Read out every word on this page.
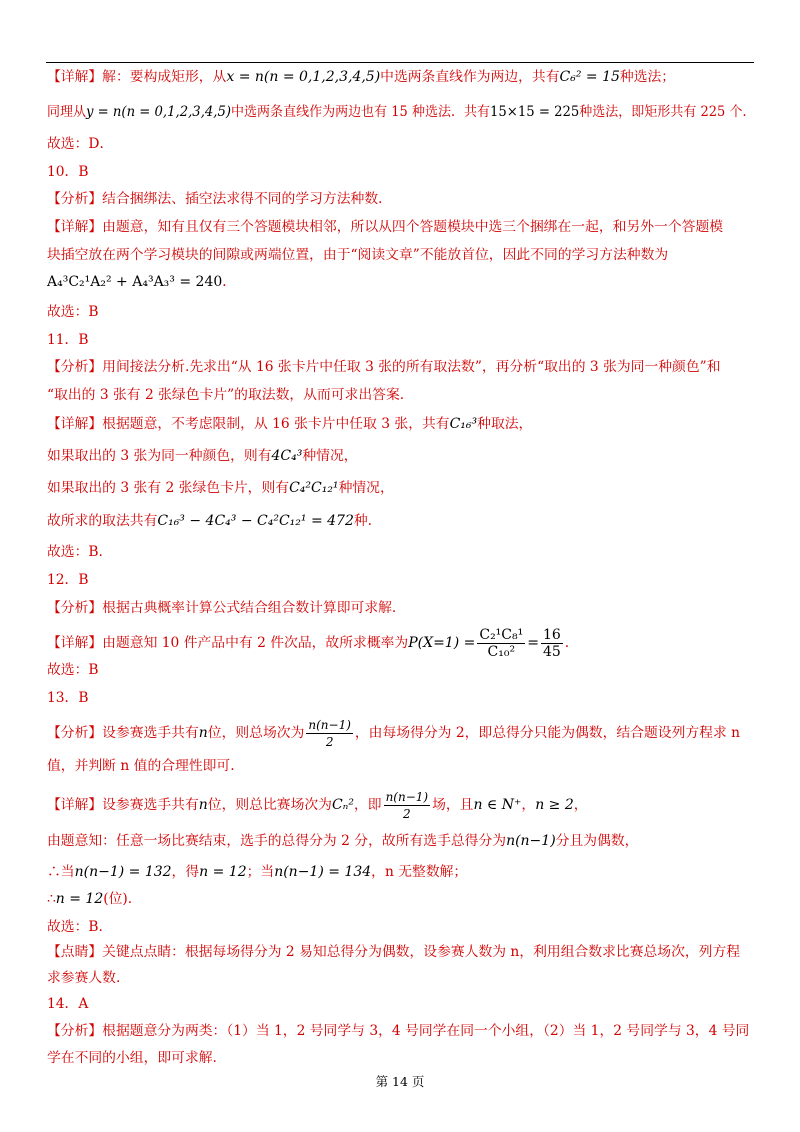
【详解】解：要构成矩形，从x = n(n = 0,1,2,3,4,5)中选两条直线作为两边，共有C₆² = 15种选法；
同理从y = n(n = 0,1,2,3,4,5)中选两条直线作为两边也有 15 种选法．共有15×15 = 225种选法，即矩形共有 225 个．
故选：D．
10．B
【分析】结合捆绑法、插空法求得不同的学习方法种数．
【详解】由题意，知有且仅有三个答题模块相邻，所以从四个答题模块中选三个捆绑在一起，和另外一个答题模
块插空放在两个学习模块的间隙或两端位置，由于“阅读文章”不能放首位，因此不同的学习方法种数为
A₄³C₂¹A₂² + A₄³A₃³ = 240．
故选：B
11．B
【分析】用间接法分析.先求出“从 16 张卡片中任取 3 张的所有取法数”，再分析“取出的 3 张为同一种颜色”和
“取出的 3 张有 2 张绿色卡片”的取法数，从而可求出答案.
【详解】根据题意，不考虑限制，从 16 张卡片中任取 3 张，共有C₁₆³种取法，
如果取出的 3 张为同一种颜色，则有4C₄³种情况，
如果取出的 3 张有 2 张绿色卡片，则有C₄²C₁₂¹种情况，
故所求的取法共有C₁₆³ − 4C₄³ − C₄²C₁₂¹ = 472种.
故选：B.
12．B
【分析】根据古典概率计算公式结合组合数计算即可求解.
【详解】由题意知 10 件产品中有 2 件次品，故所求概率为$P(X=1) = \frac{\text{C₂¹C₈¹}}{\text{C₁₀²}} = \frac{16}{45}$ .
故选：B
13．B
【分析】设参赛选手共有n位，则总场次为 $\frac{n(n-1)}{2}$ ，由每场得分为 2，即总得分只能为偶数，结合题设列方程求 n
值，并判断 n 值的合理性即可.
【详解】设参赛选手共有n位，则总比赛场次为Cₙ²，即 $\frac{n(n-1)}{2}$ 场，且n ∈ N⁺，n ≥ 2，
由题意知：任意一场比赛结束，选手的总得分为 2 分，故所有选手总得分为n(n−1)分且为偶数，
∴当n(n−1) = 132，得n = 12；当n(n−1) = 134，n 无整数解；
∴n = 12(位).
故选：B.
【点睛】关键点点睛：根据每场得分为 2 易知总得分为偶数，设参赛人数为 n，利用组合数求比赛总场次，列方程
求参赛人数.
14．A
【分析】根据题意分为两类：（1）当 1，2 号同学与 3，4 号同学在同一个小组，（2）当 1，2 号同学与 3，4 号同
学在不同的小组，即可求解.
第 14 页
